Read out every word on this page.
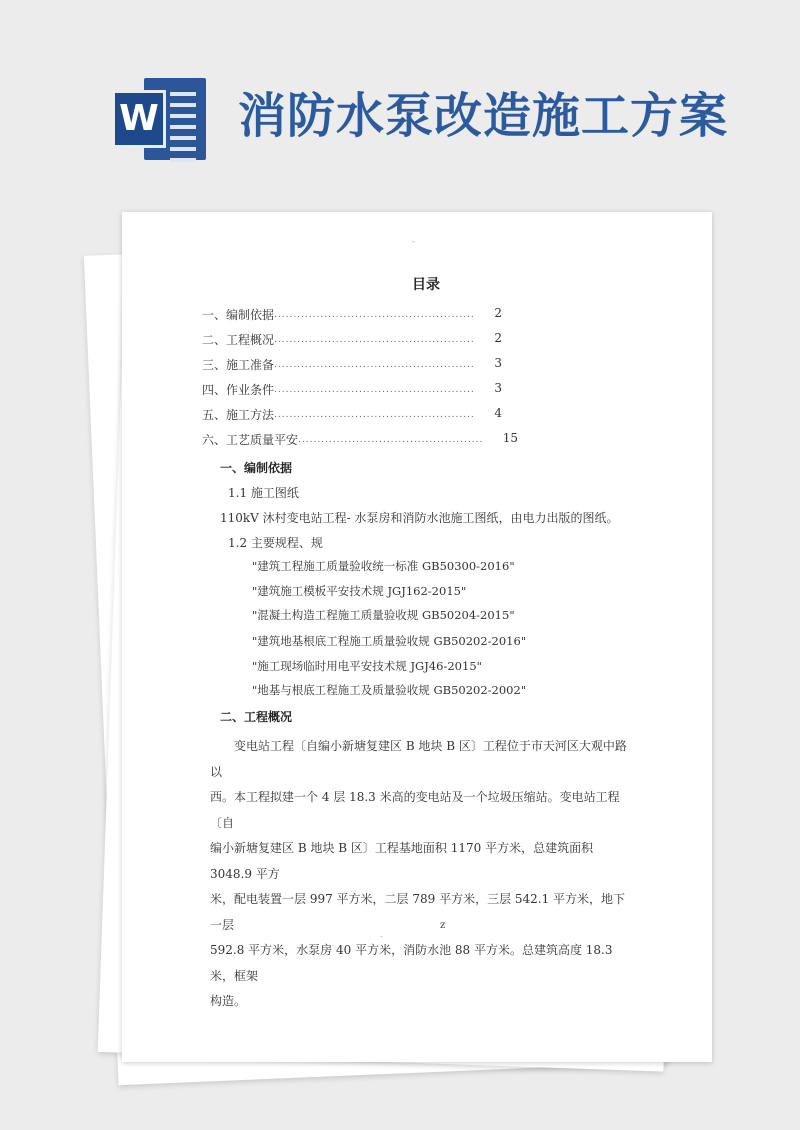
W 消防水泵改造施工方案
-
目录
一、编制依据 .................................................... 2
二、工程概况 .................................................... 2
三、施工准备 .................................................... 3
四、作业条件 .................................................... 3
五、施工方法 .................................................... 4
六、工艺质量平安 ................................................ 15
一、编制依据
1.1 施工图纸
110kV 沐村变电站工程- 水泵房和消防水池施工图纸，由电力出版的图纸。
1.2 主要规程、规
"建筑工程施工质量验收统一标准 GB50300-2016"
"建筑施工模板平安技术规 JGJ162-2015"
"混凝土构造工程施工质量验收规 GB50204-2015"
"建筑地基根底工程施工质量验收规 GB50202-2016"
"施工现场临时用电平安技术规 JGJ46-2015"
"地基与根底工程施工及质量验收规 GB50202-2002"
二、工程概况
　　变电站工程〔自编小新塘复建区 B 地块 B 区〕工程位于市天河区大观中路以
西。本工程拟建一个 4 层 18.3 米高的变电站及一个垃圾压缩站。变电站工程〔自
编小新塘复建区 B 地块 B 区〕工程基地面积 1170 平方米，总建筑面积 3048.9 平方
米，配电装置一层 997 平方米，二层 789 平方米，三层 542.1 平方米，地下一层
592.8 平方米，水泵房 40 平方米，消防水池 88 平方米。总建筑高度 18.3 米，框架
构造。
z
.
